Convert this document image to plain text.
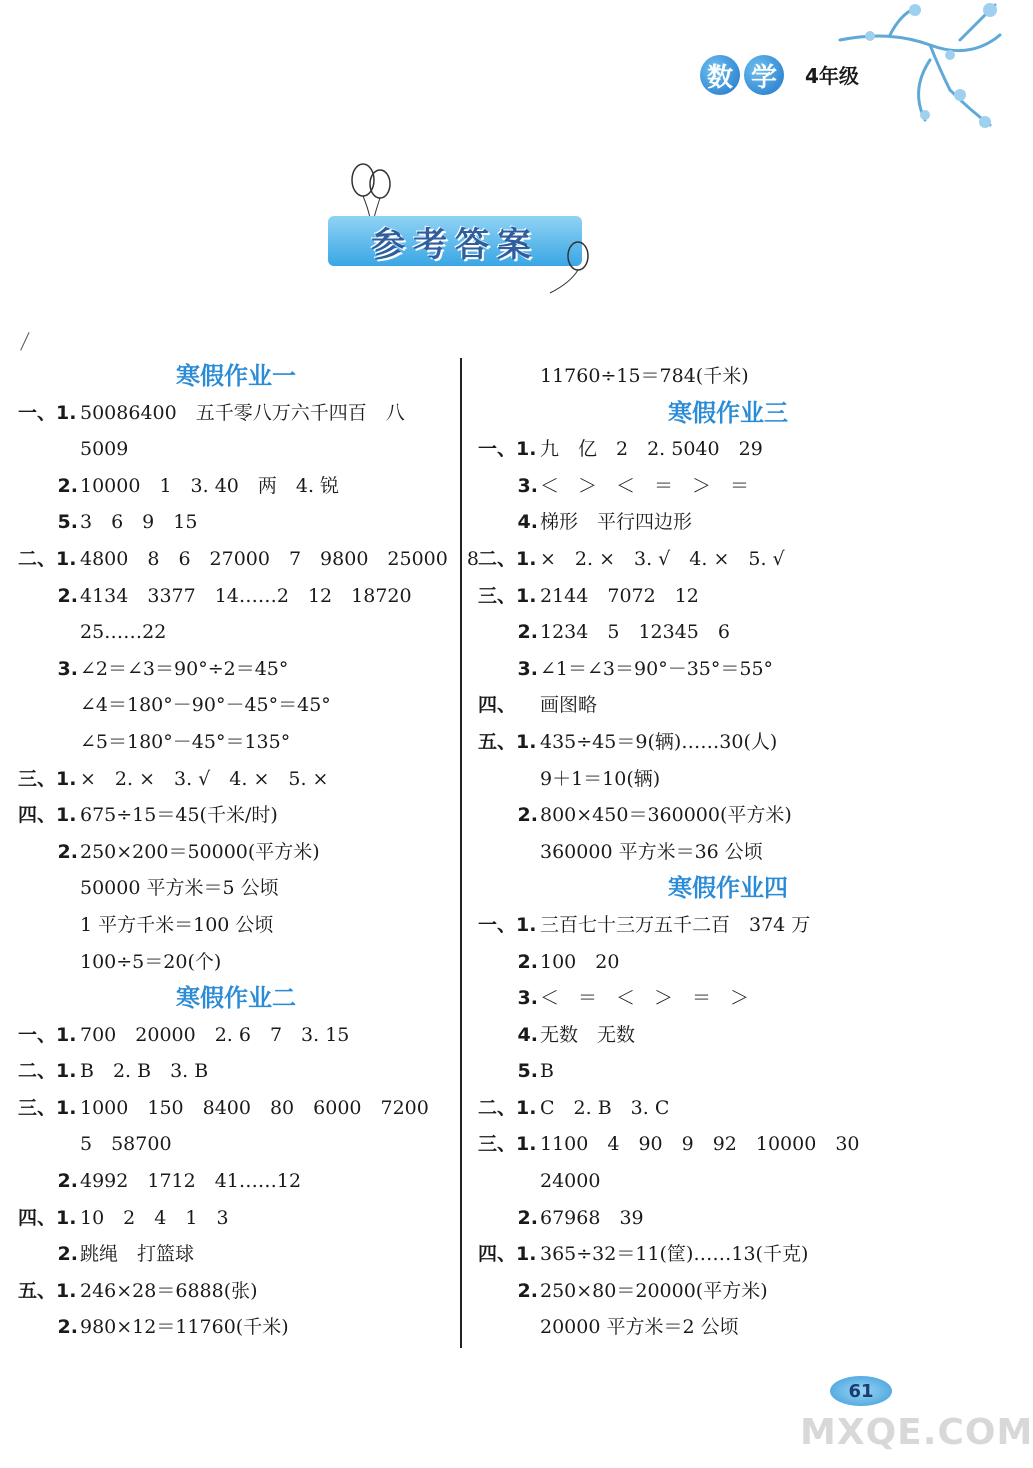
数 学	4年级
参考答案
寒假作业一
一、1. 50086400　五千零八万六千四百　八
5009
2. 10000　1　3. 40　两　4. 锐
5. 3　6　9　15
二、1. 4800　8　6　27000　7　9800　25000　8
2. 4134　3377　14……2　12　18720
25……22
3. ∠2＝∠3＝90°÷2＝45°
∠4＝180°－90°－45°＝45°
∠5＝180°－45°＝135°
三、1. ×　2. ×　3. √　4. ×　5. ×
四、1. 675÷15＝45(千米/时)
2. 250×200＝50000(平方米)
50000 平方米＝5 公顷
1 平方千米＝100 公顷
100÷5＝20(个)
寒假作业二
一、1. 700　20000　2. 6　7　3. 15
二、1. B　2. B　3. B
三、1. 1000　150　8400　80　6000　7200
5　58700
2. 4992　1712　41……12
四、1. 10　2　4　1　3
2. 跳绳　打篮球
五、1. 246×28＝6888(张)
2. 980×12＝11760(千米)
11760÷15＝784(千米)
寒假作业三
一、1. 九　亿　2　2. 5040　29
3. ＜　＞　＜　＝　＞　＝
4. 梯形　平行四边形
二、1. ×　2. ×　3. √　4. ×　5. √
三、1. 2144　7072　12
2. 1234　5　12345　6
3. ∠1＝∠3＝90°－35°＝55°
四、 画图略
五、1. 435÷45＝9(辆)……30(人)
9＋1＝10(辆)
2. 800×450＝360000(平方米)
360000 平方米＝36 公顷
寒假作业四
一、1. 三百七十三万五千二百　374 万
2. 100　20
3. ＜　＝　＜　＞　＝　＞
4. 无数　无数
5. B
二、1. C　2. B　3. C
三、1. 1100　4　90　9　92　10000　30
24000
2. 67968　39
四、1. 365÷32＝11(筐)……13(千克)
2. 250×80＝20000(平方米)
20000 平方米＝2 公顷
61
MXQE.COM
